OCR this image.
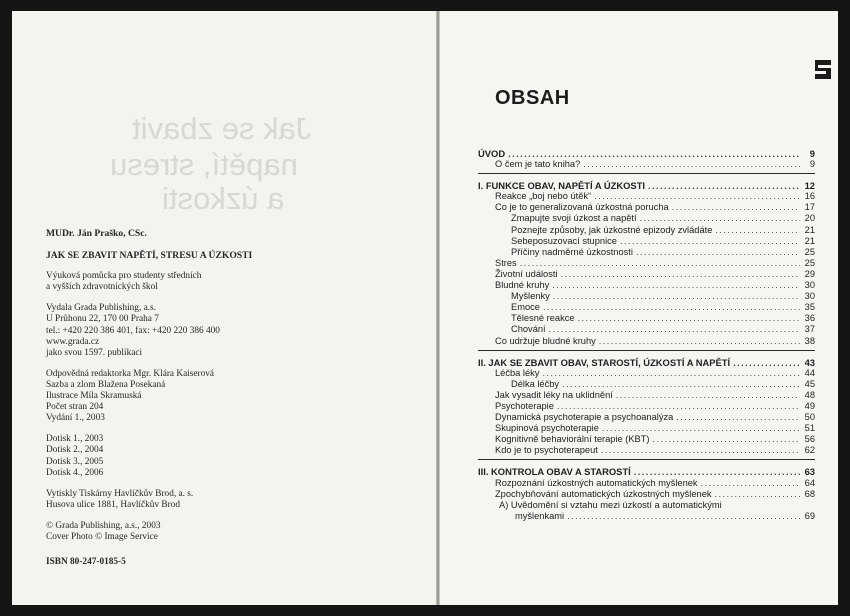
Jak se zbavit
napětí, stresu
a úzkosti
MUDr. Ján Praško, CSc.
JAK SE ZBAVIT NAPĚTÍ, STRESU A ÚZKOSTI
Výuková pomůcka pro studenty středních
a vyšších zdravotnických škol
Vydala Grada Publishing, a.s.
U Průhonu 22, 170 00 Praha 7
tel.: +420 220 386 401, fax: +420 220 386 400
www.grada.cz
jako svou 1597. publikaci
Odpovědná redaktorka Mgr. Klára Kaiserová
Sazba a zlom Blažena Posekaná
Ilustrace Míla Skramuská
Počet stran 204
Vydání 1., 2003
Dotisk 1., 2003
Dotisk 2., 2004
Dotisk 3., 2005
Dotisk 4., 2006
Vytiskly Tiskárny Havlíčkův Brod, a. s.
Husova ulice 1881, Havlíčkův Brod
© Grada Publishing, a.s., 2003
Cover Photo © Image Service
ISBN 80-247-0185-5
OBSAH
ÚVOD .....	9
O čem je tato kniha? .....	9
I. FUNKCE OBAV, NAPĚTÍ A ÚZKOSTI .....	12
Reakce „boj nebo útěk“ .....	16
Co je to generalizovaná úzkostná porucha .....	17
Zmapujte svoji úzkost a napětí .....	20
Poznejte způsoby, jak úzkostné epizody zvládáte .....	21
Sebeposuzovací stupnice .....	21
Příčiny nadměrné úzkostnosti .....	25
Stres .....	25
Životní události .....	29
Bludné kruhy .....	30
Myšlenky .....	30
Emoce .....	35
Tělesné reakce .....	36
Chování .....	37
Co udržuje bludné kruhy .....	38
II. JAK SE ZBAVIT OBAV, STAROSTÍ, ÚZKOSTÍ A NAPĚTÍ .....	43
Léčba léky .....	44
Délka léčby .....	45
Jak vysadit léky na uklidnění .....	48
Psychoterapie .....	49
Dynamická psychoterapie a psychoanalýza .....	50
Skupinová psychoterapie .....	51
Kognitivně behaviorální terapie (KBT) .....	56
Kdo je to psychoterapeut .....	62
III. KONTROLA OBAV A STAROSTÍ .....	63
Rozpoznání úzkostných automatických myšlenek .....	64
Zpochybňování automatických úzkostných myšlenek .....	68
A) Uvědomění si vztahu mezi úzkostí a automatickými
myšlenkami .....	69
